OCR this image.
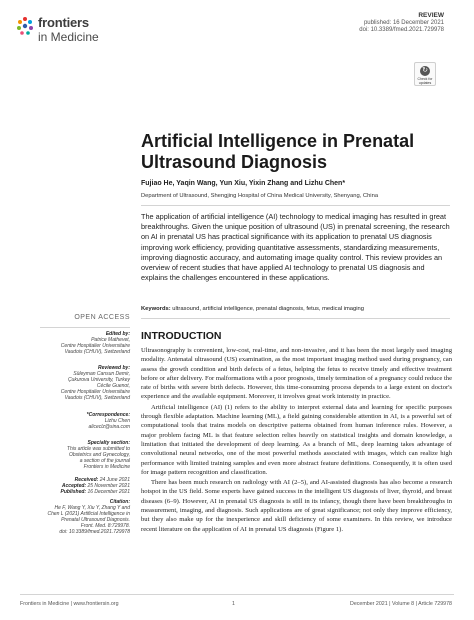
frontiers
in Medicine
REVIEW
published: 16 December 2021
doi: 10.3389/fmed.2021.729978
↻
Check for updates
Artificial Intelligence in Prenatal Ultrasound Diagnosis
Fujiao He, Yaqin Wang, Yun Xiu, Yixin Zhang and Lizhu Chen*
Department of Ultrasound, Shengjing Hospital of China Medical University, Shenyang, China
The application of artificial intelligence (AI) technology to medical imaging has resulted in great breakthroughs. Given the unique position of ultrasound (US) in prenatal screening, the research on AI in prenatal US has practical significance with its application to prenatal US diagnosis improving work efficiency, providing quantitative assessments, standardizing measurements, improving diagnostic accuracy, and automating image quality control. This review provides an overview of recent studies that have applied AI technology to prenatal US diagnosis and explains the challenges encountered in these applications.
Keywords: ultrasound, artificial intelligence, prenatal diagnosis, fetus, medical imaging
INTRODUCTION

Ultrasonography is convenient, low-cost, real-time, and non-invasive, and it has been the most largely used imaging modality. Antenatal ultrasound (US) examination, as the most important imaging method used during pregnancy, can assess the growth condition and birth defects of a fetus, helping the fetus to receive timely and effective treatment before or after delivery. For malformations with a poor prognosis, timely termination of a pregnancy could reduce the rate of births with severe birth defects. However, this time-consuming process depends to a large extent on doctor's experience and the available equipment. Moreover, it involves great work intensity in practice.

Artificial intelligence (AI) (1) refers to the ability to interpret external data and learning for specific purposes through flexible adaptation. Machine learning (ML), a field gaining considerable attention in AI, is a powerful set of computational tools that trains models on descriptive patterns obtained from human inference rules. However, a major problem facing ML is that feature selection relies heavily on statistical insights and domain knowledge, a limitation that initiated the development of deep learning. As a branch of ML, deep learning takes advantage of convolutional neural networks, one of the most powerful methods associated with images, which can realize high performance with limited training samples and even more abstract feature definitions. Consequently, it is often used for image pattern recognition and classification.

There has been much research on radiology with AI (2–5), and AI-assisted diagnosis has also become a research hotspot in the US field. Some experts have gained success in the intelligent US diagnosis of liver, thyroid, and breast diseases (6–9). However, AI in prenatal US diagnosis is still in its infancy, though there have been breakthroughs in measurement, imaging, and diagnosis. Such applications are of great significance; not only they improve efficiency, but they also make up for the inexperience and skill deficiency of some examiners. In this review, we introduce recent literature on the application of AI in prenatal US diagnosis (Figure 1).

OPEN ACCESS
Edited by:
Patrice Mathevet,
Centre Hospitalier Universitaire
Vaudois (CHUV), Switzerland
Reviewed by:
Süleyman Cansun Demir,
Çukurova University, Turkey
Cécile Guenot,
Centre Hospitalier Universitaire
Vaudois (CHUV), Switzerland
*Correspondence:
Lizhu Chen
aliceclz@sina.com
Specialty section:
This article was submitted to
Obstetrics and Gynecology,
a section of the journal
Frontiers in Medicine
Received: 24 June 2021
Accepted: 25 November 2021
Published: 16 December 2021
Citation:
He F, Wang Y, Xiu Y, Zhang Y and
Chen L (2021) Artificial Intelligence in
Prenatal Ultrasound Diagnosis.
Front. Med. 8:729978.
doi: 10.3389/fmed.2021.729978
Frontiers in Medicine | www.frontiersin.org	1	December 2021 | Volume 8 | Article 729978
